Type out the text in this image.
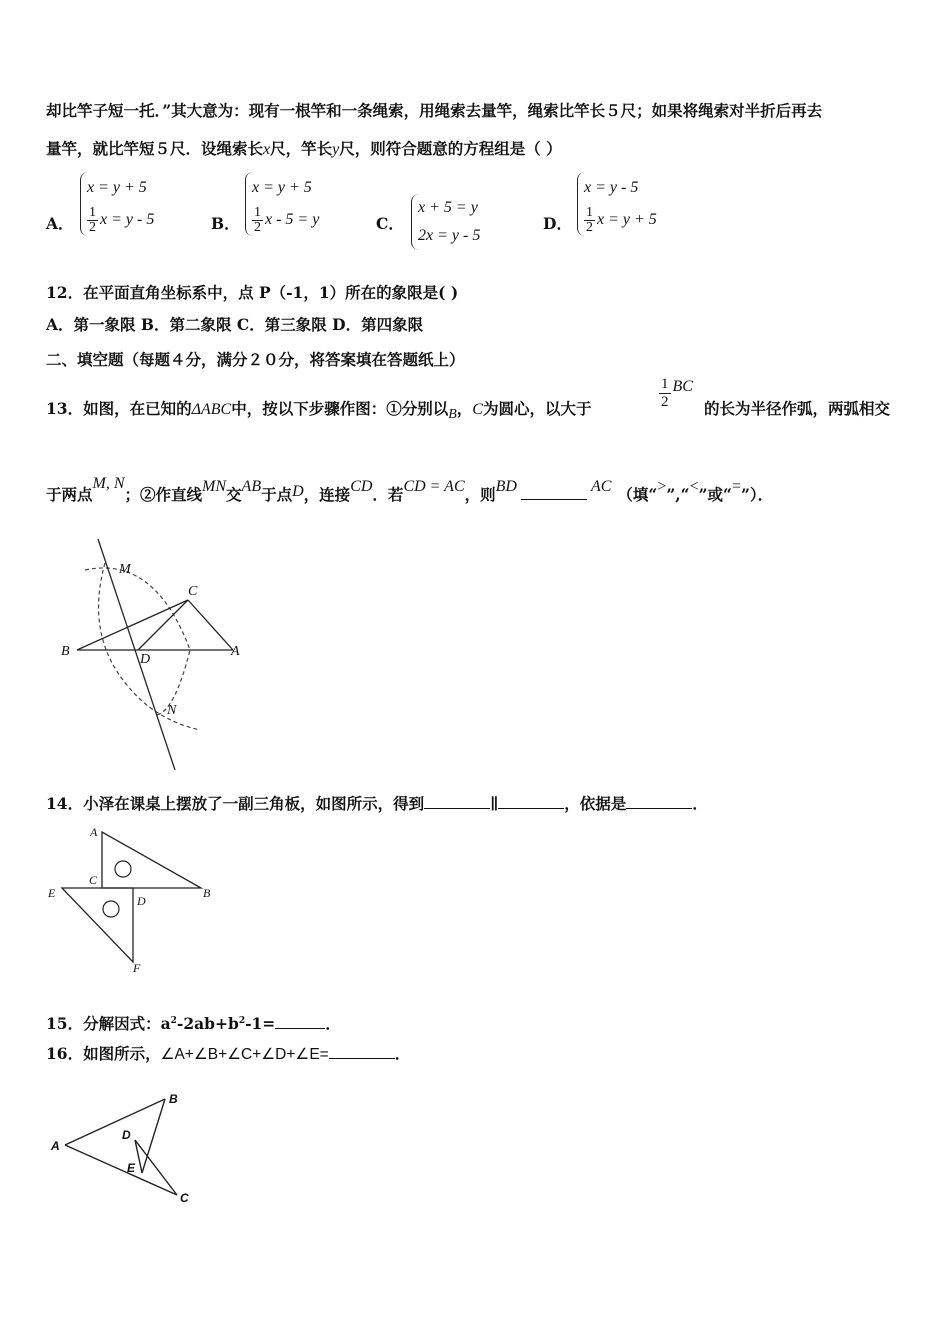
却比竿子短一托．”其大意为：现有一根竿和一条绳索，用绳索去量竿，绳索比竿长５尺；如果将绳索对半折后再去
量竿，就比竿短５尺．设绳索长x尺，竿长y尺，则符合题意的方程组是（ ）
A．
x = y + 5
$\frac{1}{2}$ x = y - 5	B．
x = y + 5
$\frac{1}{2}$ x - 5 = y	C．
x + 5 = y
2x = y - 5
D．
x = y - 5
$\frac{1}{2}$ x = y + 5
12．在平面直角坐标系中，点 P（-1，1）所在的象限是( )
A．第一象限 B．第二象限 C．第三象限 D．第四象限
二、填空题（每题４分，满分２０分，将答案填在答题纸上）
13．如图，在已知的ΔABC中，按以下步骤作图：①分别以B，C为圆心，以大于	$\frac{1}{2}$ BC
的长为半径作弧，两弧相交
于两点M, N；②作直线MN交AB于点D，连接CD．若CD = AC，则BD	AC （填“>”,“<”或“=”）．
M
C
B
D
A
N
14．小泽在课桌上摆放了一副三角板，如图所示，得到	∥	，依据是	．
A
C
E
D
B
F
15．分解因式：$a^2-2ab+b^2-1=$	．
16．如图所示，∠A+∠B+∠C+∠D+∠E=	．
A
B
C
D
E
